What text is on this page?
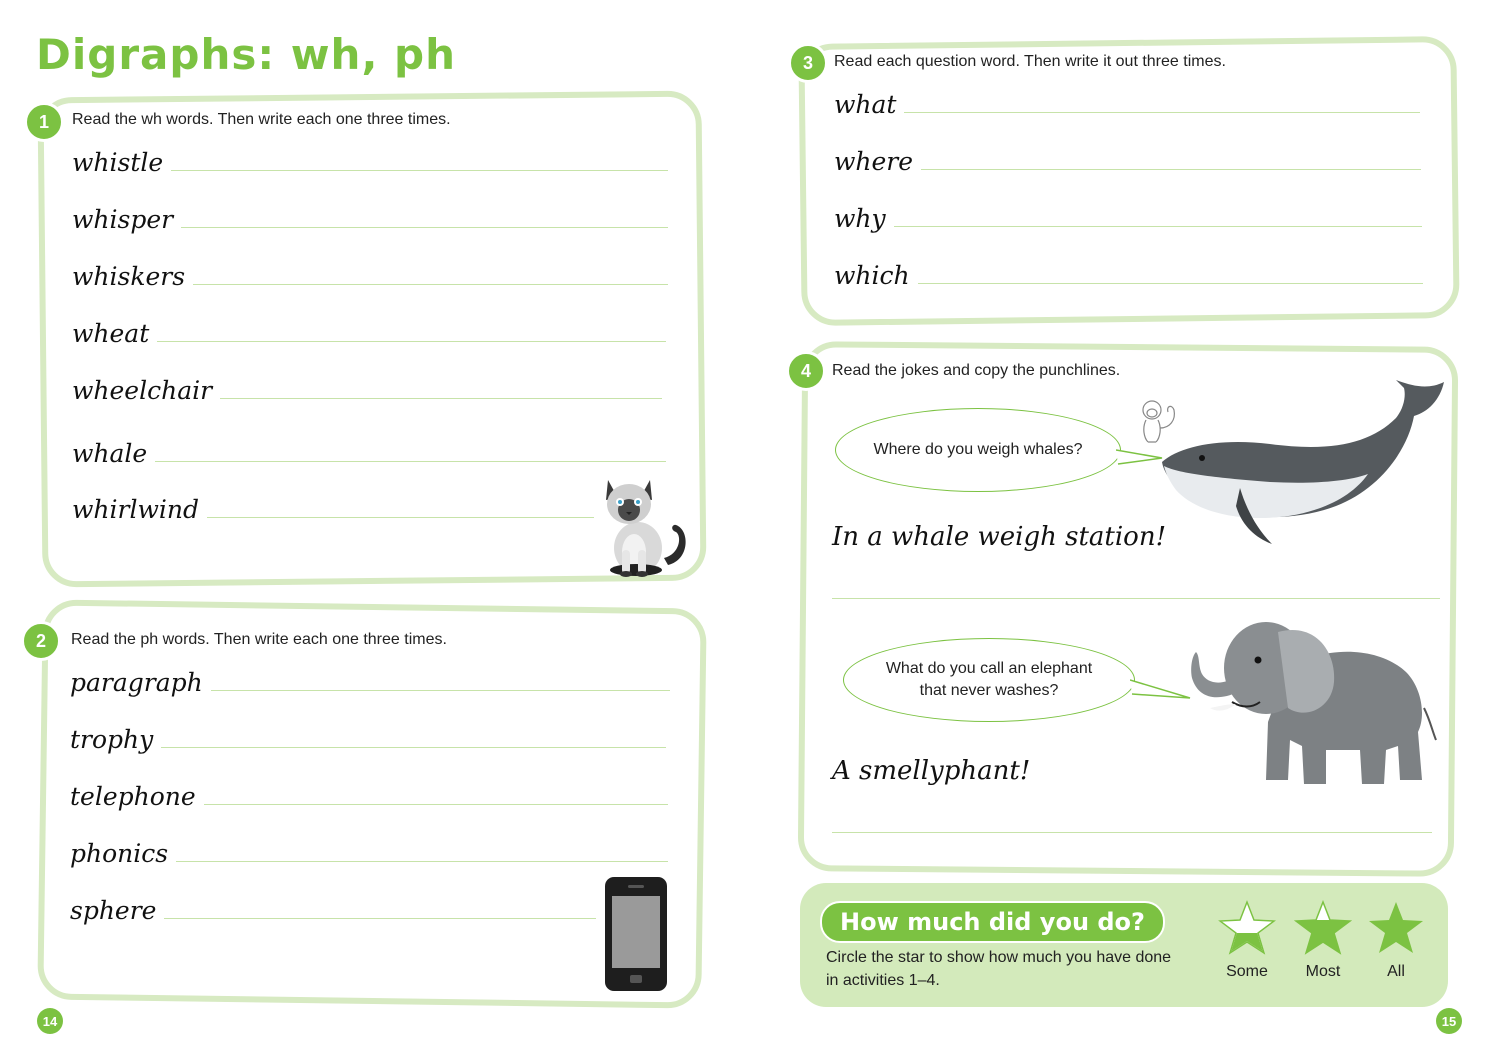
Digraphs: wh, ph
1	Read the wh words. Then write each one three times.
whistle
whisper
whiskers
wheat
wheelchair
whale
whirlwind
2	Read the ph words. Then write each one three times.
paragraph
trophy
telephone
phonics
sphere
3	Read each question word. Then write it out three times.
what
where
why
which
4	Read the jokes and copy the punchlines.
Where do you weigh whales?
In a whale weigh station!
What do you call an elephant that never washes?
A smellyphant!
How much did you do?
Circle the star to show how much you have done in activities 1–4.
Some	Most	All
14	15
